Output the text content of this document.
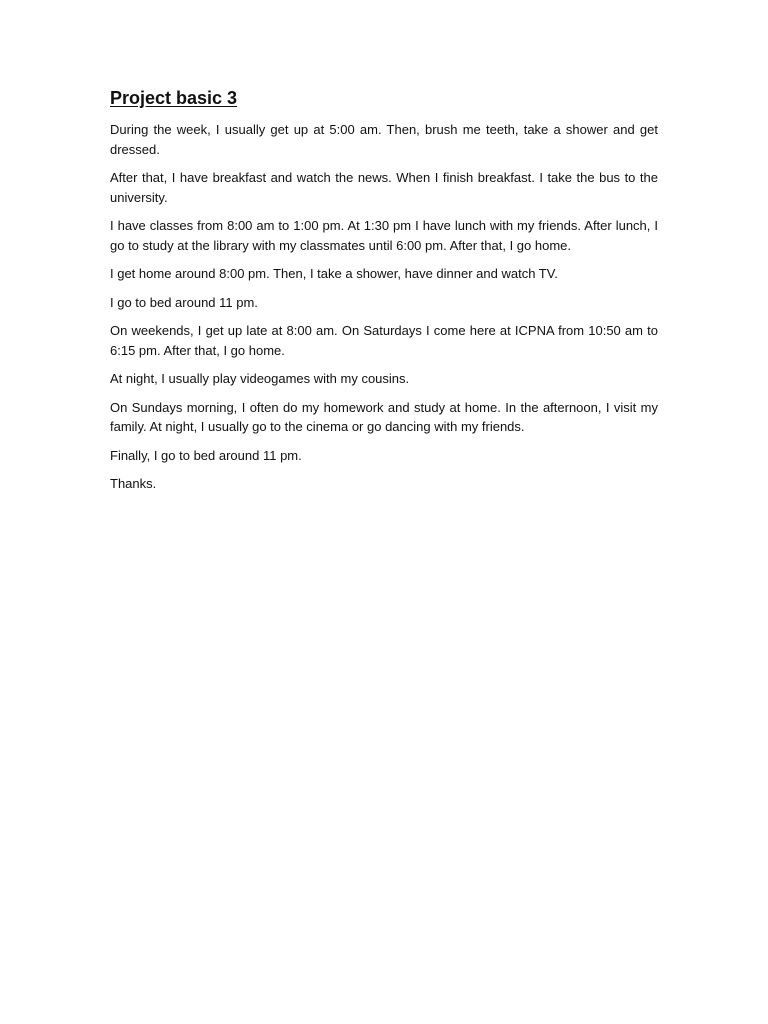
Project basic 3

During the week, I usually get up at 5:00 am. Then, brush me teeth, take a shower and get dressed.

After that, I have breakfast and watch the news. When I finish breakfast. I take the bus to the university.

I have classes from 8:00 am to 1:00 pm. At 1:30 pm I have lunch with my friends. After lunch, I go to study at the library with my classmates until 6:00 pm. After that, I go home.

I get home around 8:00 pm. Then, I take a shower, have dinner and watch TV.

I go to bed around 11 pm.

On weekends, I get up late at 8:00 am. On Saturdays I come here at ICPNA from 10:50 am to 6:15 pm. After that, I go home.

At night, I usually play videogames with my cousins.

On Sundays morning, I often do my homework and study at home. In the afternoon, I visit my family. At night, I usually go to the cinema or go dancing with my friends.

Finally, I go to bed around 11 pm.

Thanks.
